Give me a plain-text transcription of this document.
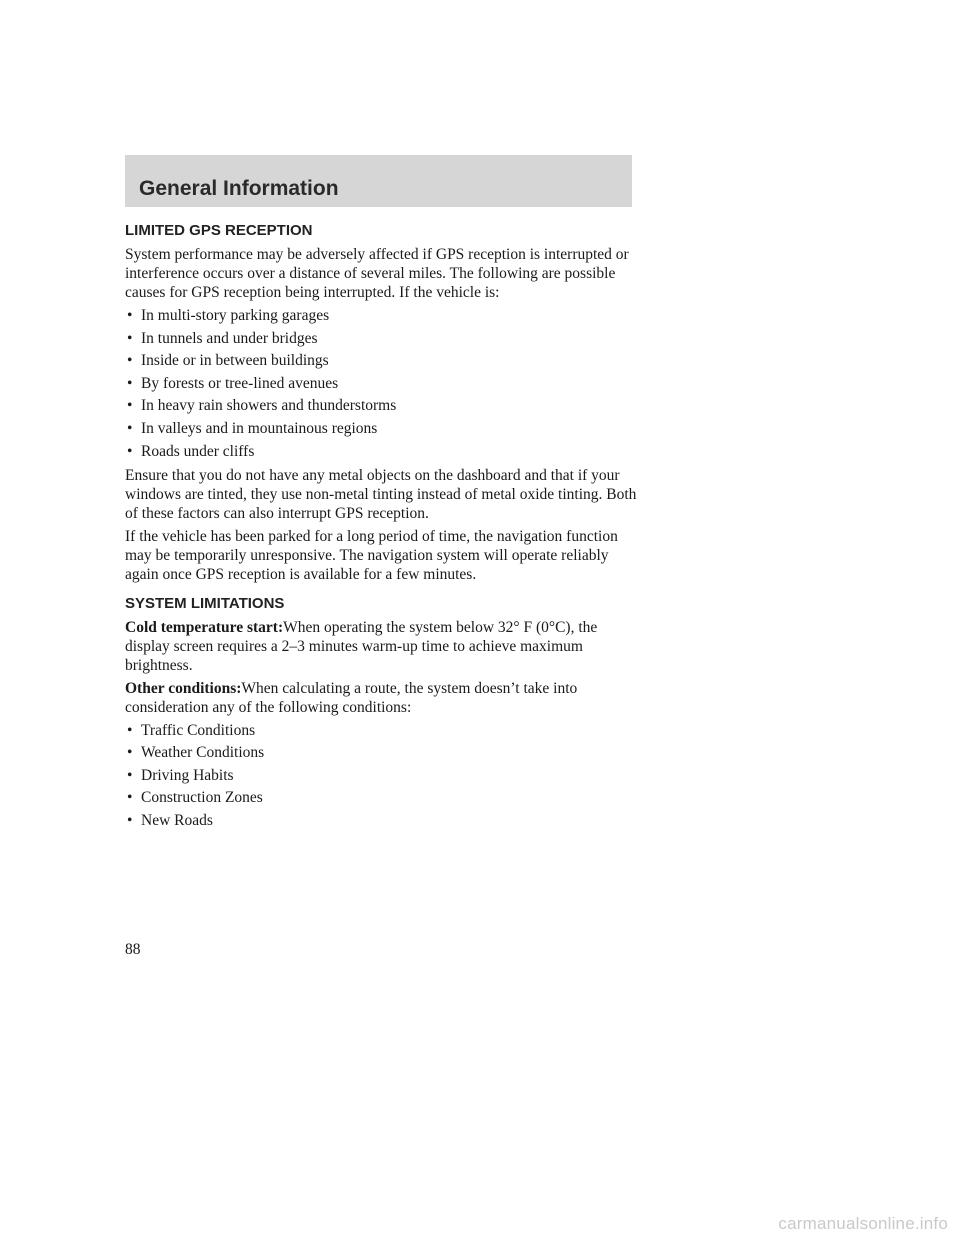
General Information
LIMITED GPS RECEPTION

System performance may be adversely affected if GPS reception is interrupted or interference occurs over a distance of several miles. The following are possible causes for GPS reception being interrupted. If the vehicle is:

• In multi-story parking garages
• In tunnels and under bridges
• Inside or in between buildings
• By forests or tree-lined avenues
• In heavy rain showers and thunderstorms
• In valleys and in mountainous regions
• Roads under cliffs

Ensure that you do not have any metal objects on the dashboard and that if your windows are tinted, they use non-metal tinting instead of metal oxide tinting. Both of these factors can also interrupt GPS reception.

If the vehicle has been parked for a long period of time, the navigation function may be temporarily unresponsive. The navigation system will operate reliably again once GPS reception is available for a few minutes.

SYSTEM LIMITATIONS

Cold temperature start:When operating the system below 32° F (0°C), the display screen requires a 2–3 minutes warm-up time to achieve maximum brightness.

Other conditions:When calculating a route, the system doesn’t take into consideration any of the following conditions:

• Traffic Conditions
• Weather Conditions
• Driving Habits
• Construction Zones
• New Roads
88
carmanualsonline.info
